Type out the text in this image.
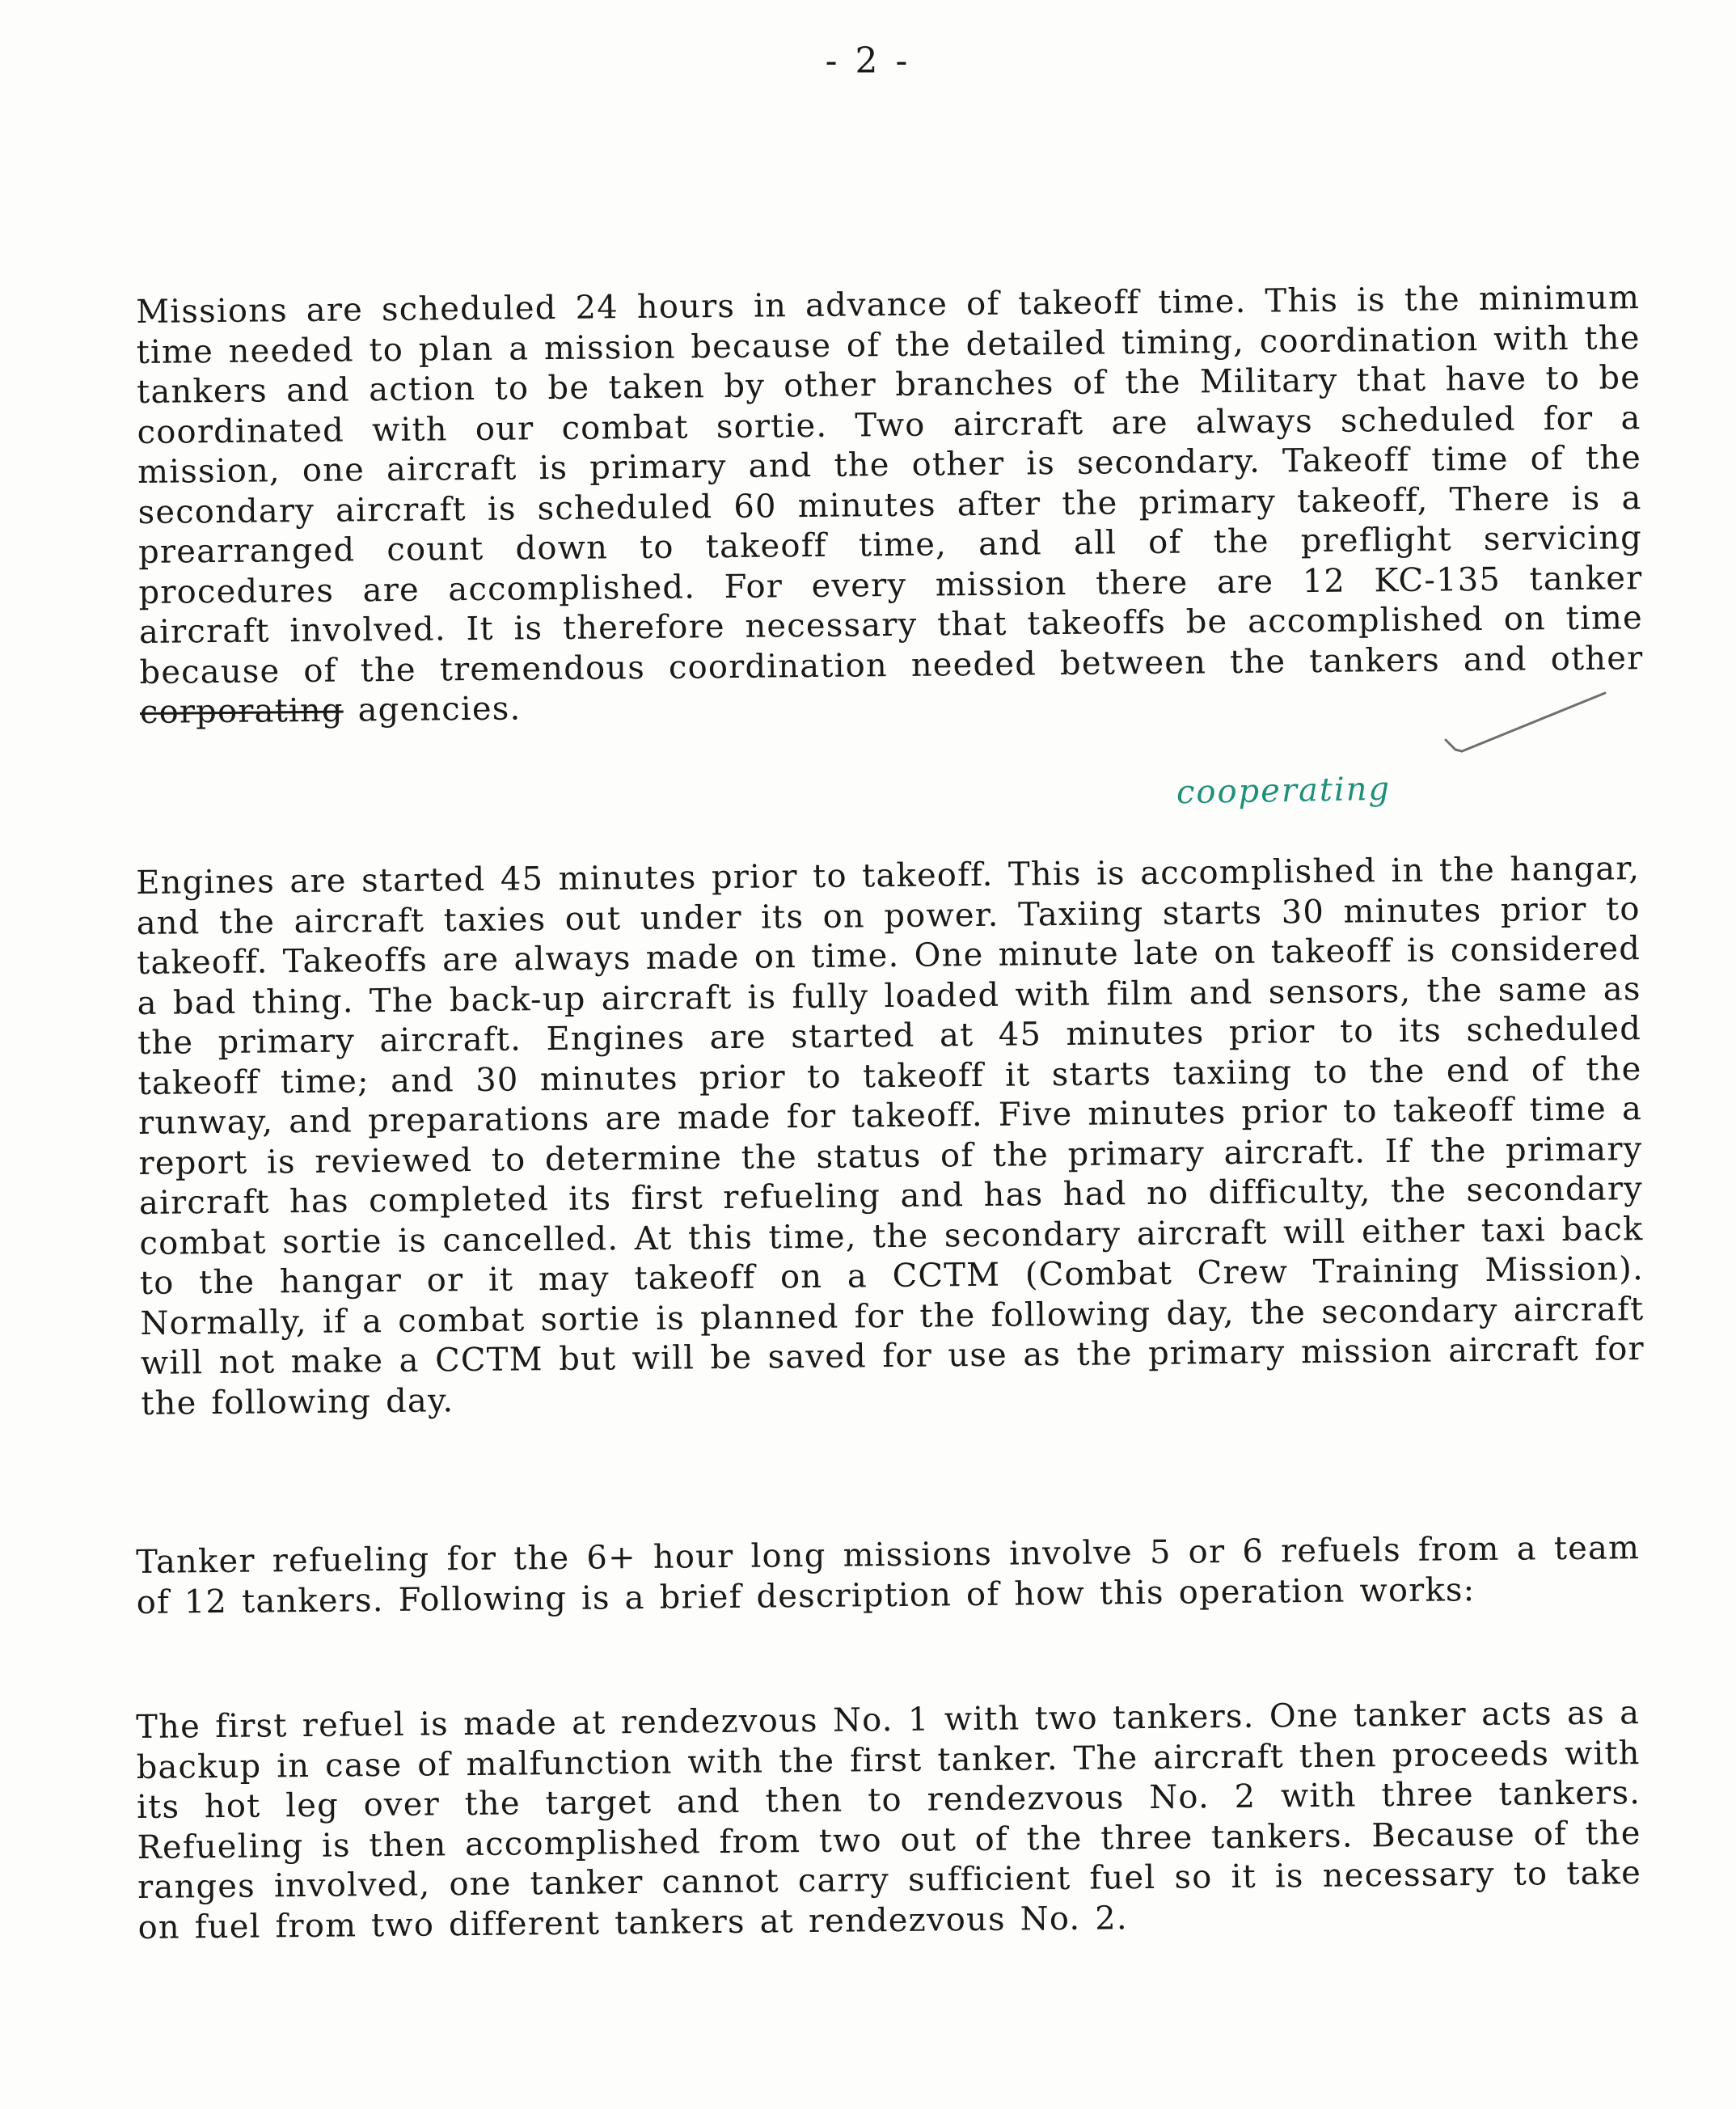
- 2 -
Missions are scheduled 24 hours in advance of takeoff time. This is the minimum time needed to plan a mission because of the detailed timing, coordination with the tankers and action to be taken by other branches of the Military that have to be coordinated with our combat sortie. Two aircraft are always scheduled for a mission, one aircraft is primary and the other is secondary. Takeoff time of the secondary aircraft is scheduled 60 minutes after the primary takeoff, There is a prearranged count down to takeoff time, and all of the preflight servicing procedures are accomplished. For every mission there are 12 KC-135 tanker aircraft involved. It is therefore necessary that takeoffs be accomplished on time because of the tremendous coordination needed between the tankers and other corporating agencies.
cooperating
Engines are started 45 minutes prior to takeoff. This is accomplished in the hangar, and the aircraft taxies out under its on power. Taxiing starts 30 minutes prior to takeoff. Takeoffs are always made on time. One minute late on takeoff is considered a bad thing. The back-up aircraft is fully loaded with film and sensors, the same as the primary aircraft. Engines are started at 45 minutes prior to its scheduled takeoff time; and 30 minutes prior to takeoff it starts taxiing to the end of the runway, and preparations are made for takeoff. Five minutes prior to takeoff time a report is reviewed to determine the status of the primary aircraft. If the primary aircraft has completed its first refueling and has had no difficulty, the secondary combat sortie is cancelled. At this time, the secondary aircraft will either taxi back to the hangar or it may takeoff on a CCTM (Combat Crew Training Mission). Normally, if a combat sortie is planned for the following day, the secondary aircraft will not make a CCTM but will be saved for use as the primary mission aircraft for the following day.
Tanker refueling for the 6+ hour long missions involve 5 or 6 refuels from a team of 12 tankers. Following is a brief description of how this operation works:
The first refuel is made at rendezvous No. 1 with two tankers. One tanker acts as a backup in case of malfunction with the first tanker. The aircraft then proceeds with its hot leg over the target and then to rendezvous No. 2 with three tankers. Refueling is then accomplished from two out of the three tankers. Because of the ranges involved, one tanker cannot carry sufficient fuel so it is necessary to take on fuel from two different tankers at rendezvous No. 2.
